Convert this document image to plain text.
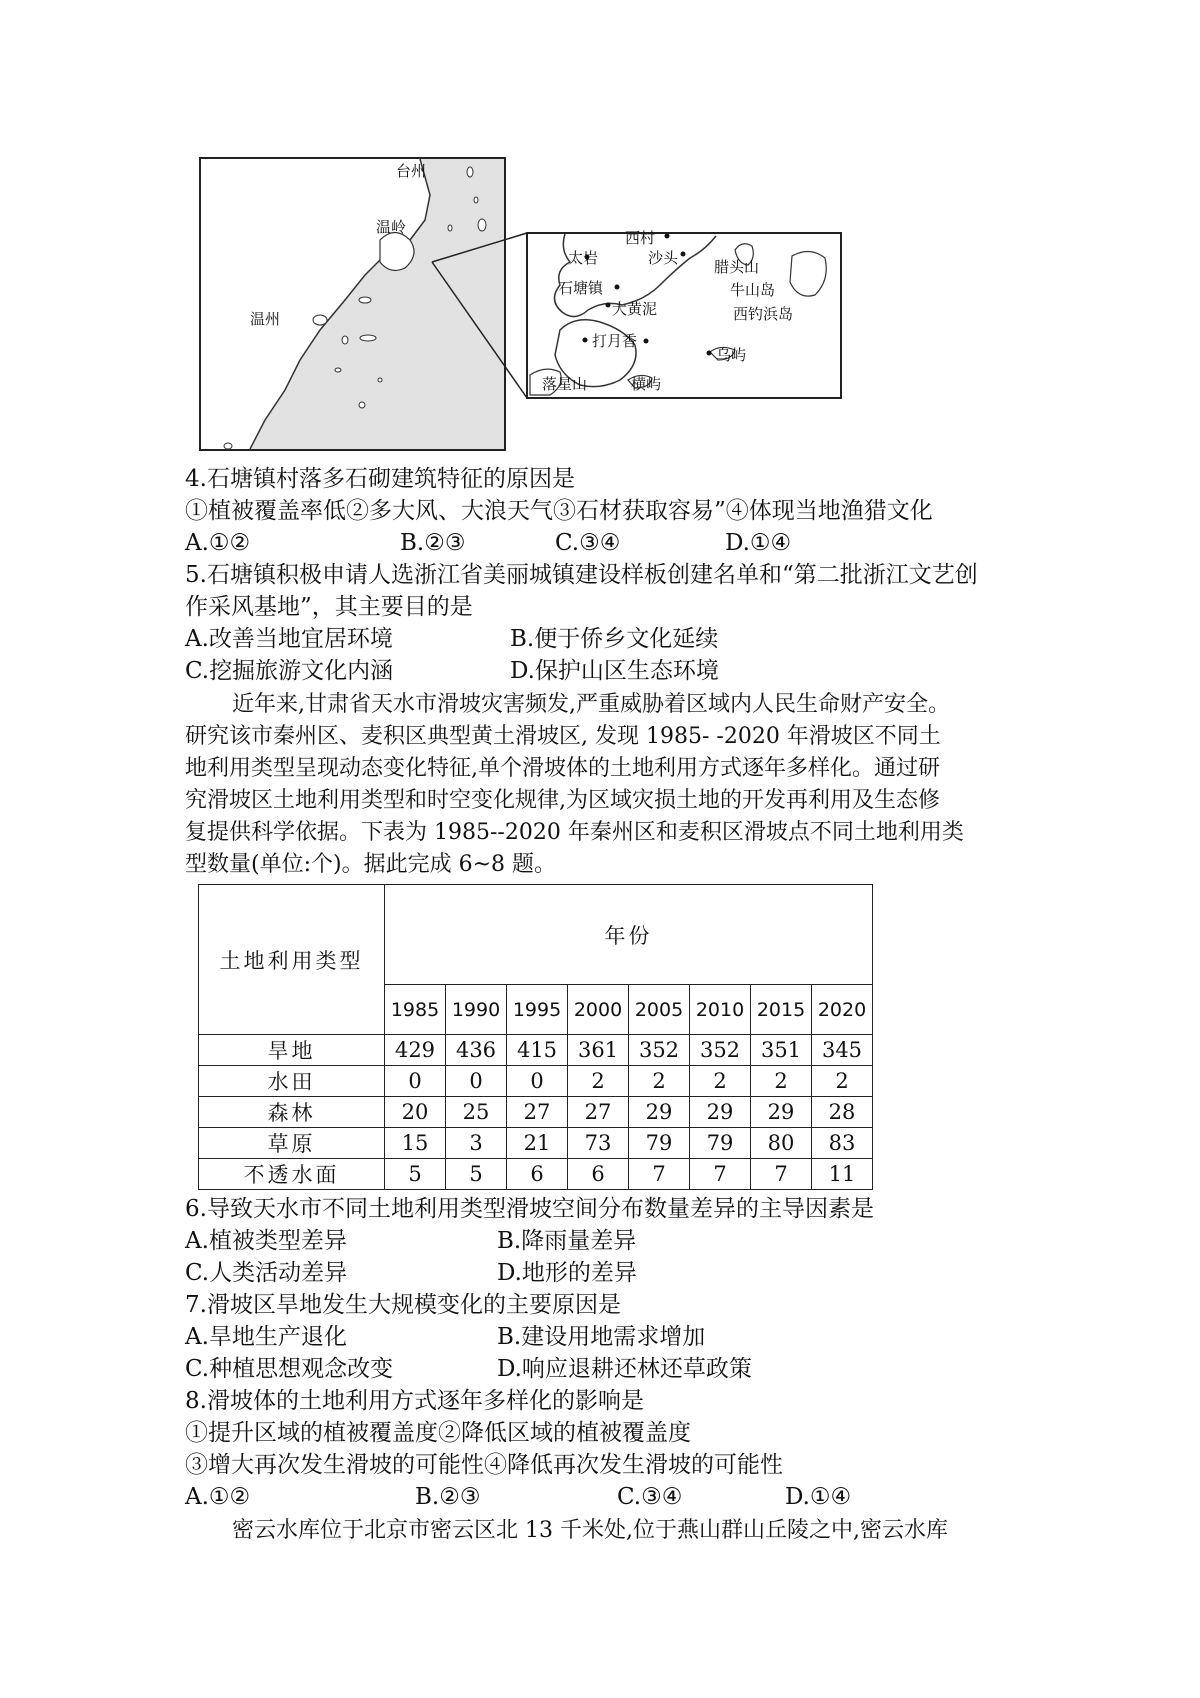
台州
温岭
温州
太岩
西村
沙头 腊头山
石塘镇	牛山岛
大黄泥	西钓浜岛
打月香
乌屿
落星山	横屿
4.石塘镇村落多石砌建筑特征的原因是
①植被覆盖率低②多大风、大浪天气③石材获取容易”④体现当地渔猎文化
A.①②	B.②③	C.③④	D.①④
5.石塘镇积极申请人选浙江省美丽城镇建设样板创建名单和“第二批浙江文艺创
作采风基地”，其主要目的是
A.改善当地宜居环境	B.便于侨乡文化延续
C.挖掘旅游文化内涵	D.保护山区生态环境
近年来,甘肃省天水市滑坡灾害频发,严重威胁着区域内人民生命财产安全。
研究该市秦州区、麦积区典型黄土滑坡区, 发现 1985- -2020 年滑坡区不同土
地利用类型呈现动态变化特征,单个滑坡体的土地利用方式逐年多样化。通过研
究滑坡区土地利用类型和时空变化规律,为区域灾损土地的开发再利用及生态修
复提供科学依据。下表为 1985--2020 年秦州区和麦积区滑坡点不同土地利用类
型数量(单位:个)。据此完成 6~8 题。
土地利用类型	年份							
	1985	1990	1995	2000	2005	2010	2015	2020
旱地	429	436	415	361	352	352	351	345
水田	0	0	0	2	2	2	2	2
森林	20	25	27	27	29	29	29	28
草原	15	3	21	73	79	79	80	83
不透水面	5	5	6	6	7	7	7	11
6.导致天水市不同土地利用类型滑坡空间分布数量差异的主导因素是
A.植被类型差异	B.降雨量差异
C.人类活动差异	D.地形的差异
7.滑坡区旱地发生大规模变化的主要原因是
A.旱地生产退化	B.建设用地需求增加
C.种植思想观念改变	D.响应退耕还林还草政策
8.滑坡体的土地利用方式逐年多样化的影响是
①提升区域的植被覆盖度②降低区域的植被覆盖度
③增大再次发生滑坡的可能性④降低再次发生滑坡的可能性
A.①②	B.②③	C.③④	D.①④
密云水库位于北京市密云区北 13 千米处,位于燕山群山丘陵之中,密云水库
